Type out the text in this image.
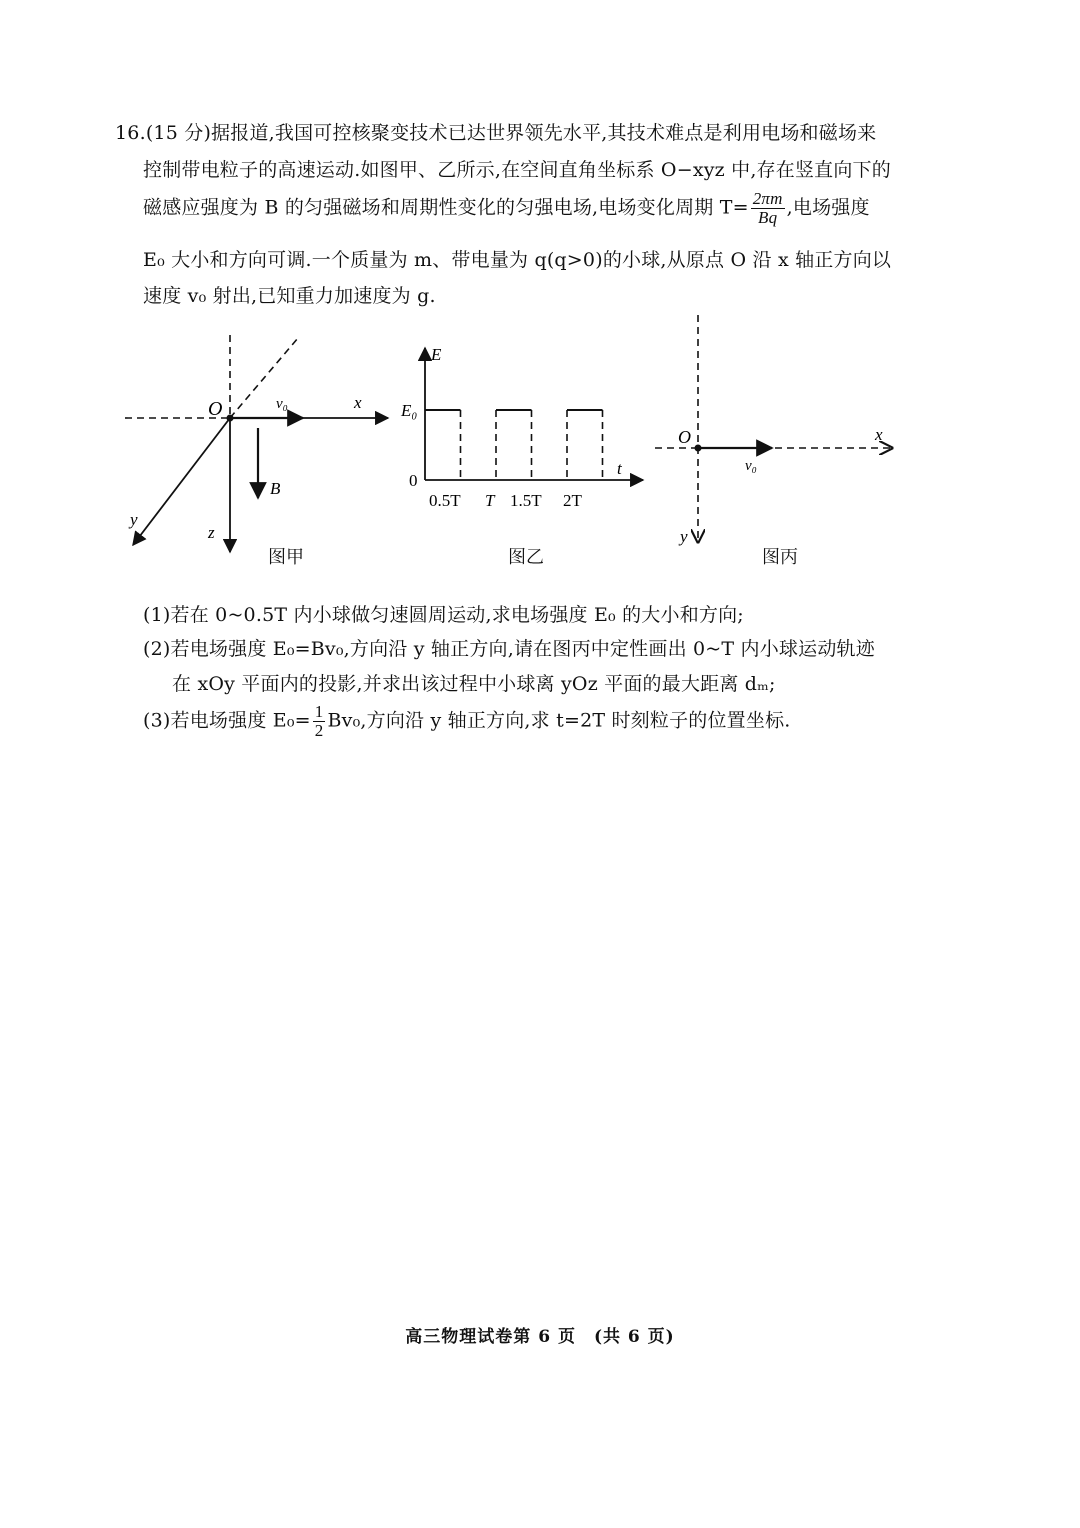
16.(15 分)据报道,我国可控核聚变技术已达世界领先水平,其技术难点是利用电场和磁场来
控制带电粒子的高速运动.如图甲、乙所示,在空间直角坐标系 O−xyz 中,存在竖直向下的
磁感应强度为 B 的匀强磁场和周期性变化的匀强电场,电场变化周期 $T= \frac{2\pi m}{Bq}$ ,电场强度
E₀ 大小和方向可调.一个质量为 m、带电量为 q(q>0)的小球,从原点 O 沿 x 轴正方向以
速度 v₀ 射出,已知重力加速度为 g.
O	v₀	x
y
z
B
图甲
E
E₀
0
t
0.5T T 1.5T 2T
图乙
O	x
y
v₀
图丙
(1)若在 0~0.5T 内小球做匀速圆周运动,求电场强度 E₀ 的大小和方向;
(2)若电场强度 E₀=Bv₀,方向沿 y 轴正方向,请在图丙中定性画出 0~T 内小球运动轨迹
在 xOy 平面内的投影,并求出该过程中小球离 yOz 平面的最大距离 dₘ;
(3)若电场强度 $E_0= \frac{1}{2} Bv_0$,方向沿 y 轴正方向,求 t=2T 时刻粒子的位置坐标.
高三物理试卷第 6 页　(共 6 页)
